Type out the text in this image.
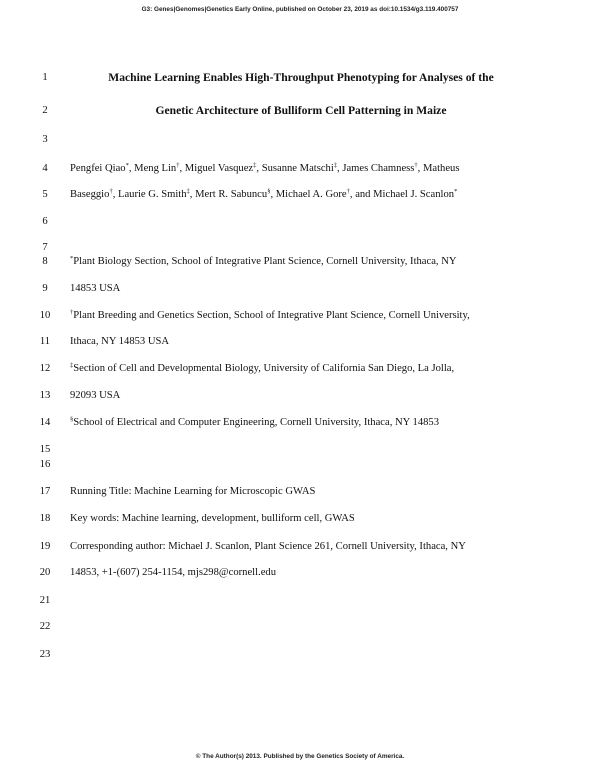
G3: Genes|Genomes|Genetics Early Online, published on October 23, 2019 as doi:10.1534/g3.119.400757
1
2
3
4
5
6
7
8
9
10
11
12
13
14
15
16
17
18
19
20
21
22
23
Machine Learning Enables High-Throughput Phenotyping for Analyses of the
Genetic Architecture of Bulliform Cell Patterning in Maize
Pengfei Qiao*, Meng Lin†, Miguel Vasquez‡, Susanne Matschi‡, James Chamness†, Matheus
Baseggio†, Laurie G. Smith‡, Mert R. Sabuncu§, Michael A. Gore†, and Michael J. Scanlon*
*Plant Biology Section, School of Integrative Plant Science, Cornell University, Ithaca, NY
14853 USA
†Plant Breeding and Genetics Section, School of Integrative Plant Science, Cornell University,
Ithaca, NY 14853 USA
‡Section of Cell and Developmental Biology, University of California San Diego, La Jolla,
92093 USA
§School of Electrical and Computer Engineering, Cornell University, Ithaca, NY 14853
Running Title: Machine Learning for Microscopic GWAS
Key words: Machine learning, development, bulliform cell, GWAS
Corresponding author: Michael J. Scanlon, Plant Science 261, Cornell University, Ithaca, NY
14853, +1-(607) 254-1154, mjs298@cornell.edu
© The Author(s) 2013. Published by the Genetics Society of America.
